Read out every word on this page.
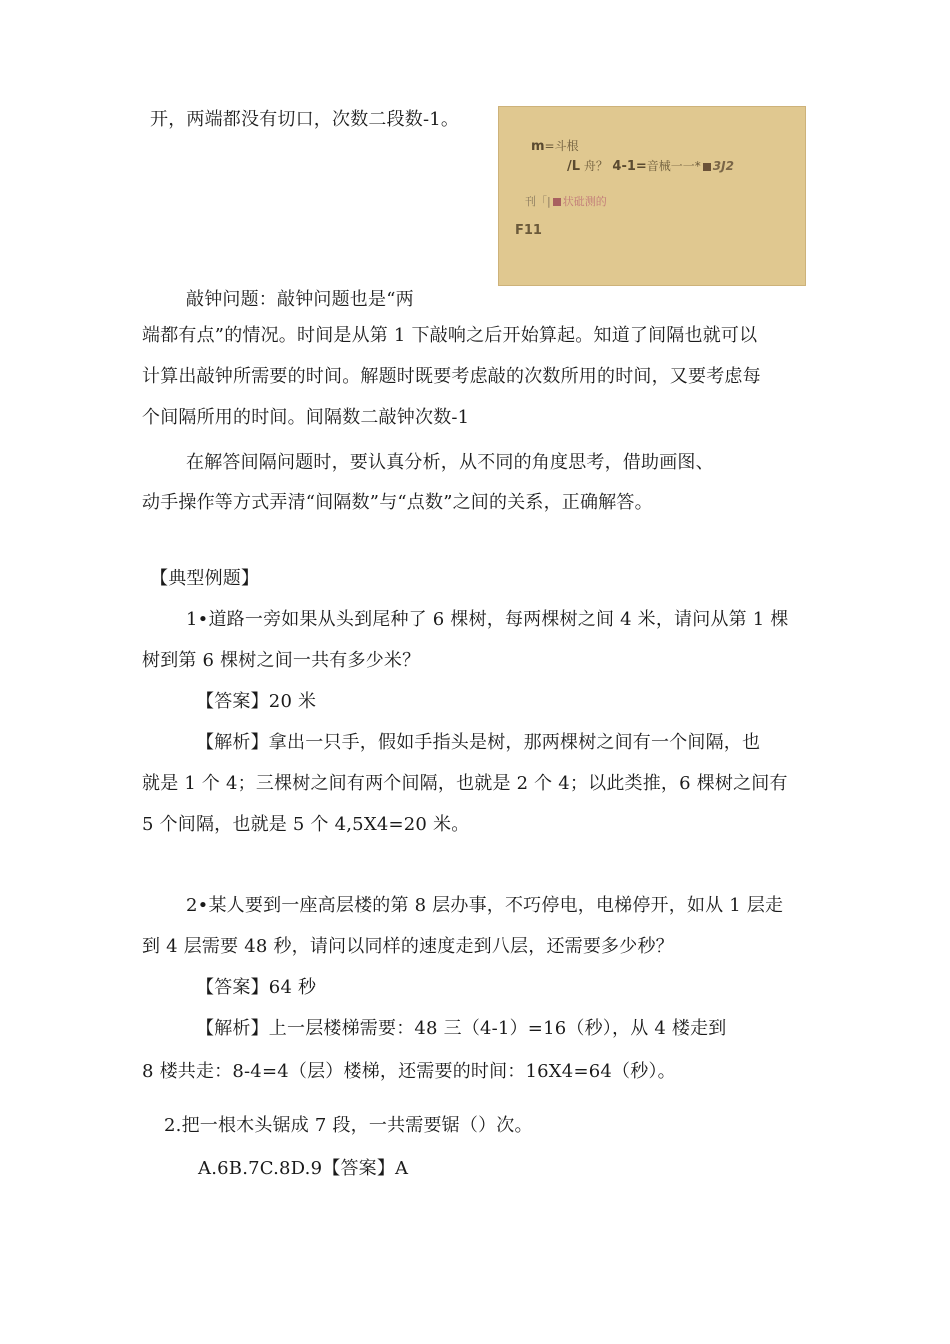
m=斗根
/L 舟？ 4-1=音械一一* 3J2
刊「| 状砒测的
F11
开，两端都没有切口，次数二段数-1。
敲钟问题：敲钟问题也是“两
端都有点”的情况。时间是从第 1 下敲响之后开始算起。知道了间隔也就可以
计算出敲钟所需要的时间。解题时既要考虑敲的次数所用的时间，又要考虑每
个间隔所用的时间。间隔数二敲钟次数-1
在解答间隔问题时，要认真分析，从不同的角度思考，借助画图、
动手操作等方式弄清“间隔数”与“点数”之间的关系，正确解答。
【典型例题】
1•道路一旁如果从头到尾种了 6 棵树，每两棵树之间 4 米，请问从第 1 棵
树到第 6 棵树之间一共有多少米？
【答案】20 米
【解析】拿出一只手，假如手指头是树，那两棵树之间有一个间隔，也
就是 1 个 4；三棵树之间有两个间隔，也就是 2 个 4；以此类推，6 棵树之间有
5 个间隔，也就是 5 个 4,5X4=20 米。
2•某人要到一座高层楼的第 8 层办事，不巧停电，电梯停开，如从 1 层走
到 4 层需要 48 秒，请问以同样的速度走到八层，还需要多少秒？
【答案】64 秒
【解析】上一层楼梯需要：48 三（4-1）=16（秒），从 4 楼走到
8 楼共走：8-4=4（层）楼梯，还需要的时间：16X4=64（秒）。
2.把一根木头锯成 7 段，一共需要锯（）次。
A.6B.7C.8D.9【答案】A
